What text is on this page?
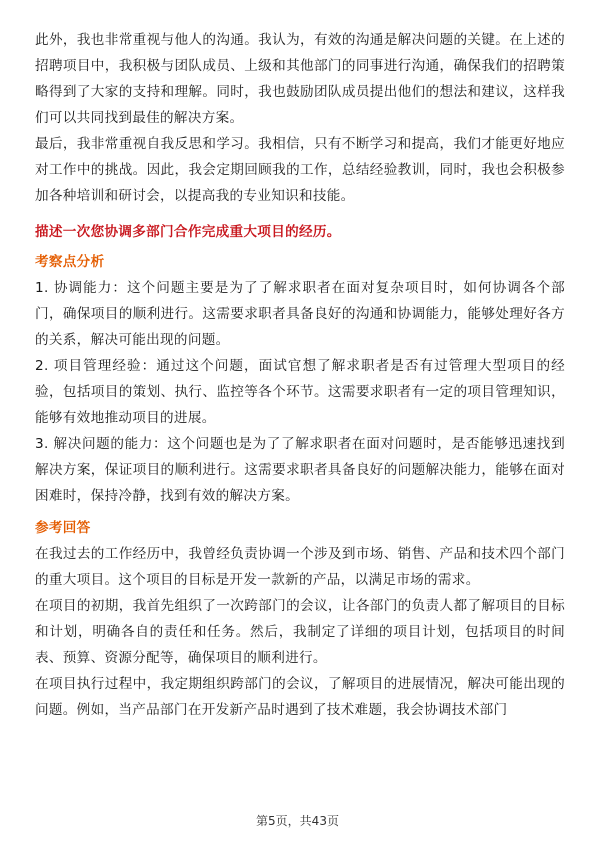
此外，我也非常重视与他人的沟通。我认为，有效的沟通是解决问题的关键。在上述的招聘项目中，我积极与团队成员、上级和其他部门的同事进行沟通，确保我们的招聘策略得到了大家的支持和理解。同时，我也鼓励团队成员提出他们的想法和建议，这样我们可以共同找到最佳的解决方案。

最后，我非常重视自我反思和学习。我相信，只有不断学习和提高，我们才能更好地应对工作中的挑战。因此，我会定期回顾我的工作，总结经验教训，同时，我也会积极参加各种培训和研讨会，以提高我的专业知识和技能。

描述一次您协调多部门合作完成重大项目的经历。

考察点分析

1. 协调能力：这个问题主要是为了了解求职者在面对复杂项目时，如何协调各个部门，确保项目的顺利进行。这需要求职者具备良好的沟通和协调能力，能够处理好各方的关系，解决可能出现的问题。

2. 项目管理经验：通过这个问题，面试官想了解求职者是否有过管理大型项目的经验，包括项目的策划、执行、监控等各个环节。这需要求职者有一定的项目管理知识，能够有效地推动项目的进展。

3. 解决问题的能力：这个问题也是为了了解求职者在面对问题时，是否能够迅速找到解决方案，保证项目的顺利进行。这需要求职者具备良好的问题解决能力，能够在面对困难时，保持冷静，找到有效的解决方案。

参考回答

在我过去的工作经历中，我曾经负责协调一个涉及到市场、销售、产品和技术四个部门的重大项目。这个项目的目标是开发一款新的产品，以满足市场的需求。

在项目的初期，我首先组织了一次跨部门的会议，让各部门的负责人都了解项目的目标和计划，明确各自的责任和任务。然后，我制定了详细的项目计划，包括项目的时间表、预算、资源分配等，确保项目的顺利进行。

在项目执行过程中，我定期组织跨部门的会议，了解项目的进展情况，解决可能出现的问题。例如，当产品部门在开发新产品时遇到了技术难题，我会协调技术部门

第5页，共43页
